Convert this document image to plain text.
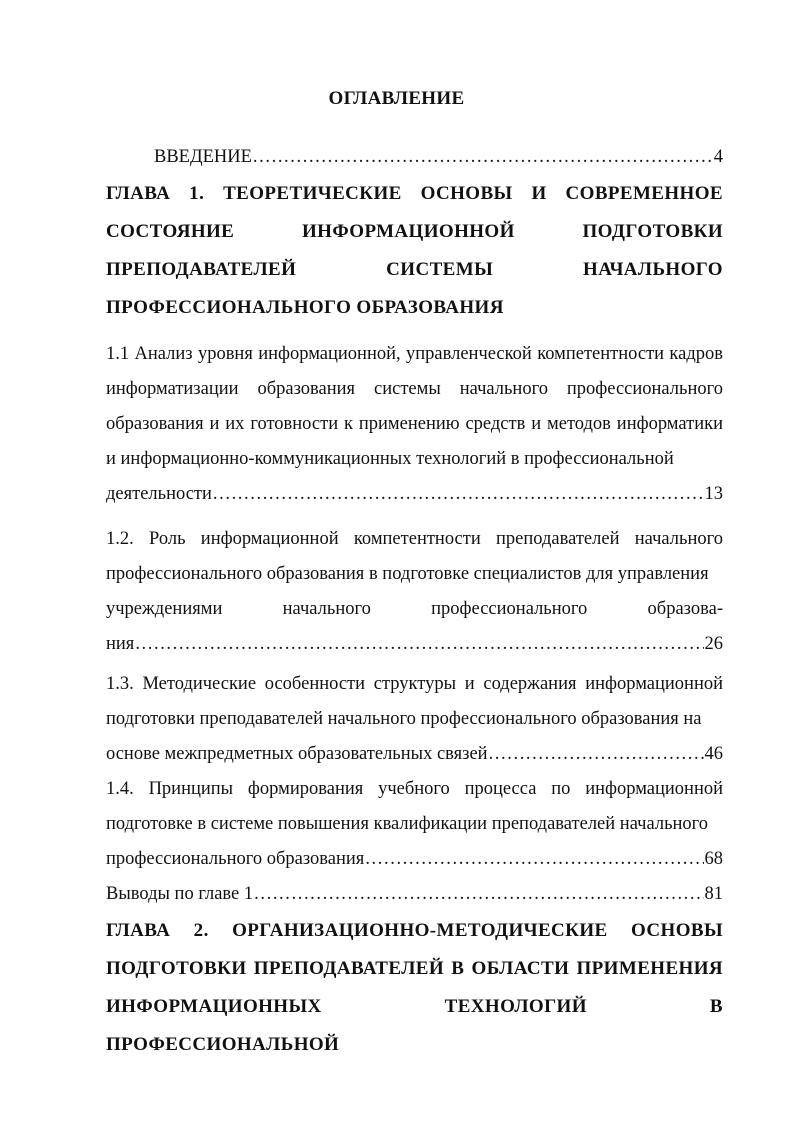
ОГЛАВЛЕНИЕ
ВВЕДЕНИЕ .....	4
ГЛАВА 1. ТЕОРЕТИЧЕСКИЕ ОСНОВЫ И СОВРЕМЕННОЕ СОСТОЯНИЕ ИНФОРМАЦИОННОЙ ПОДГОТОВКИ ПРЕПОДАВАТЕЛЕЙ СИСТЕМЫ НАЧАЛЬНОГО ПРОФЕССИОНАЛЬНОГО ОБРАЗОВАНИЯ
1.1 Анализ уровня информационной, управленческой компетентности кадров информатизации образования системы начального профессионального образования и их готовности к применению средств и методов информатики и информационно-коммуникационных технологий в профессиональной
деятельности .....	13
1.2. Роль информационной компетентности преподавателей начального профессионального образования в подготовке специалистов для управления
учреждениями	начального	профессионального	образова-
ния .....	26
1.3. Методические особенности структуры и содержания информационной подготовки преподавателей начального профессионального образования на
основе межпредметных образовательных связей .....	46
1.4. Принципы формирования учебного процесса по информационной подготовке в системе повышения квалификации преподавателей начального
профессионального образования .....	68
Выводы по главе 1 .....	81
ГЛАВА 2. ОРГАНИЗАЦИОННО-МЕТОДИЧЕСКИЕ ОСНОВЫ ПОДГОТОВКИ ПРЕПОДАВАТЕЛЕЙ В ОБЛАСТИ ПРИМЕНЕНИЯ ИНФОРМАЦИОННЫХ ТЕХНОЛОГИЙ В ПРОФЕССИОНАЛЬНОЙ
